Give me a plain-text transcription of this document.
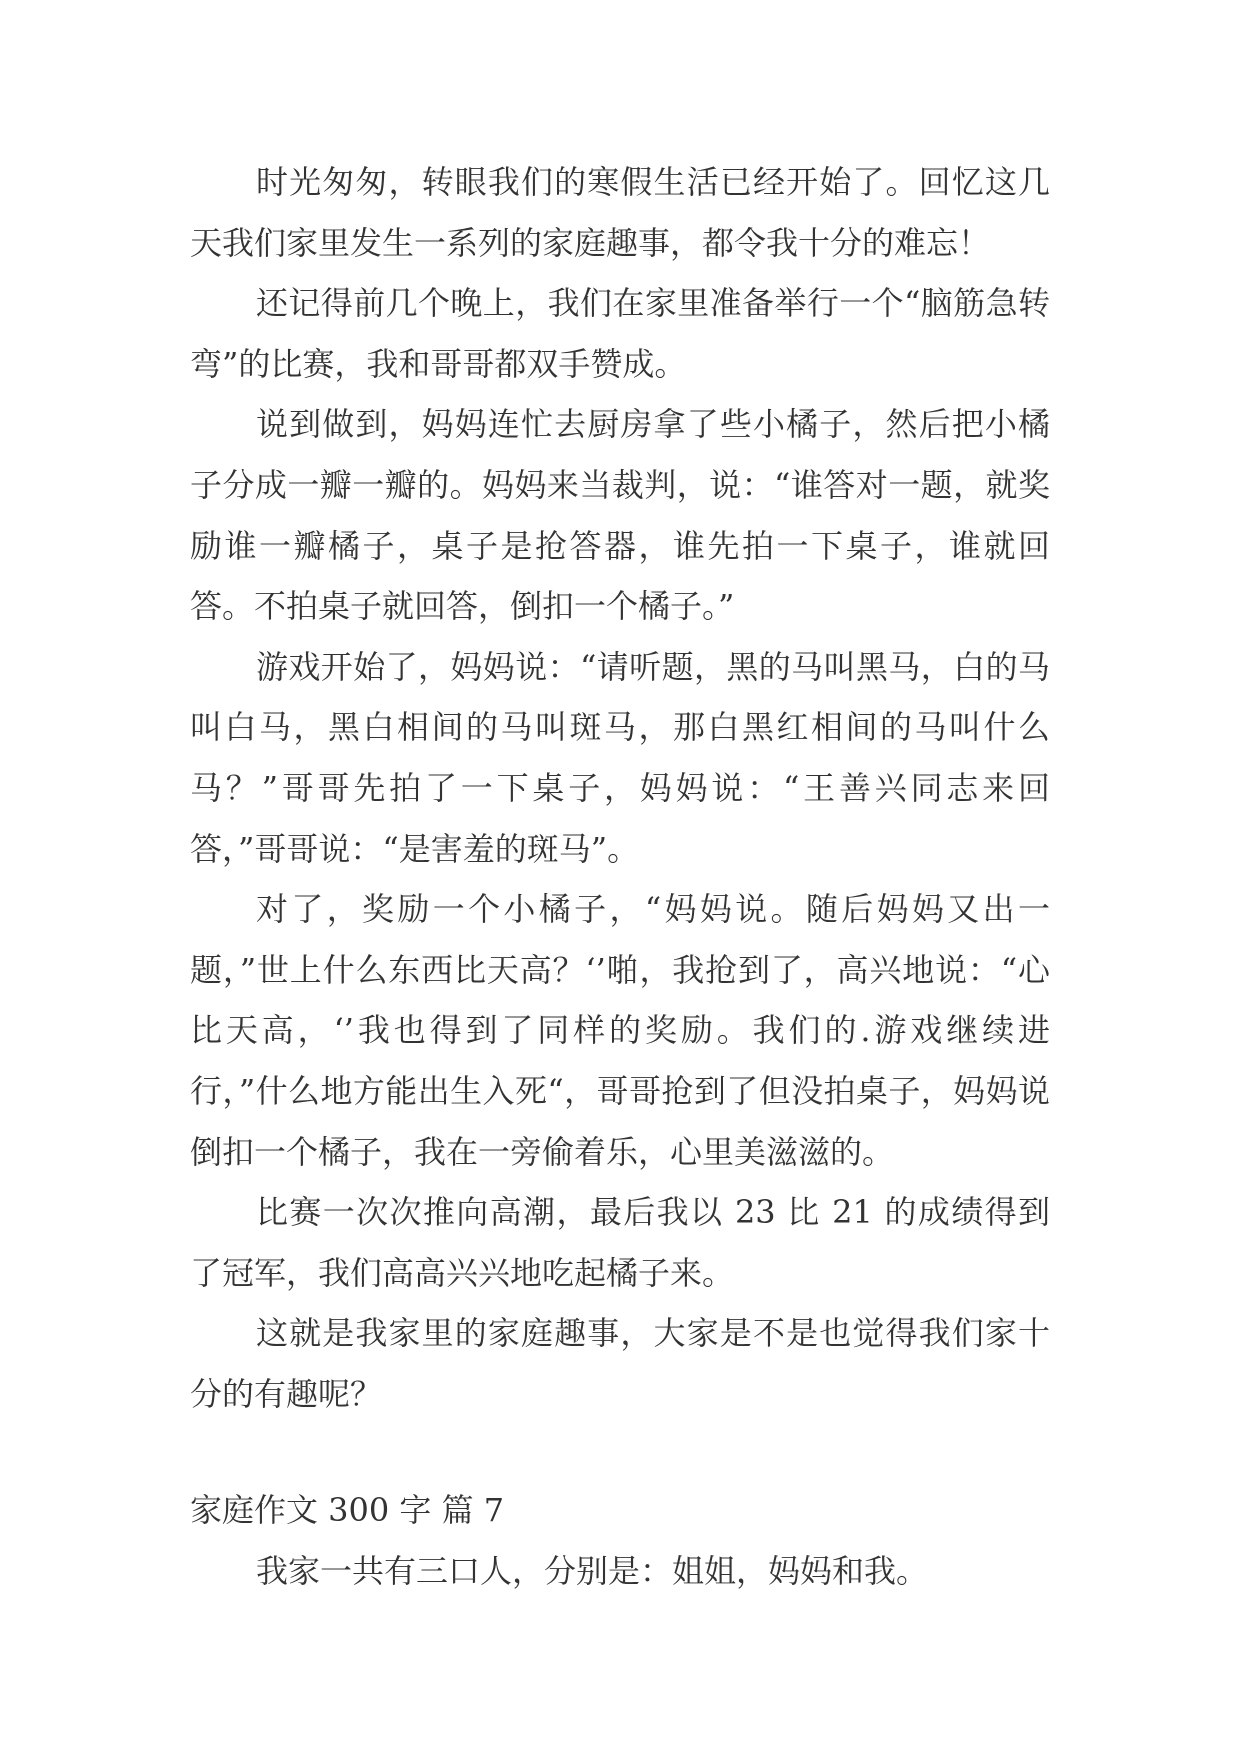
时光匆匆，转眼我们的寒假生活已经开始了。回忆这几天我们家里发生一系列的家庭趣事，都令我十分的难忘！

还记得前几个晚上，我们在家里准备举行一个“脑筋急转弯”的比赛，我和哥哥都双手赞成。

说到做到，妈妈连忙去厨房拿了些小橘子，然后把小橘子分成一瓣一瓣的。妈妈来当裁判，说：“谁答对一题，就奖励谁一瓣橘子，桌子是抢答器，谁先拍一下桌子，谁就回答。不拍桌子就回答，倒扣一个橘子。”

游戏开始了，妈妈说：“请听题，黑的马叫黑马，白的马叫白马，黑白相间的马叫斑马，那白黑红相间的马叫什么马？”哥哥先拍了一下桌子，妈妈说：“王善兴同志来回答，”哥哥说：“是害羞的斑马”。

对了，奖励一个小橘子，“妈妈说。随后妈妈又出一题，”世上什么东西比天高？‘’啪，我抢到了，高兴地说：“心比天高，‘’我也得到了同样的奖励。我们的.游戏继续进行，”什么地方能出生入死“，哥哥抢到了但没拍桌子，妈妈说倒扣一个橘子，我在一旁偷着乐，心里美滋滋的。

比赛一次次推向高潮，最后我以 23 比 21 的成绩得到了冠军，我们高高兴兴地吃起橘子来。

这就是我家里的家庭趣事，大家是不是也觉得我们家十分的有趣呢？

家庭作文 300 字 篇 7

我家一共有三口人，分别是：姐姐，妈妈和我。
